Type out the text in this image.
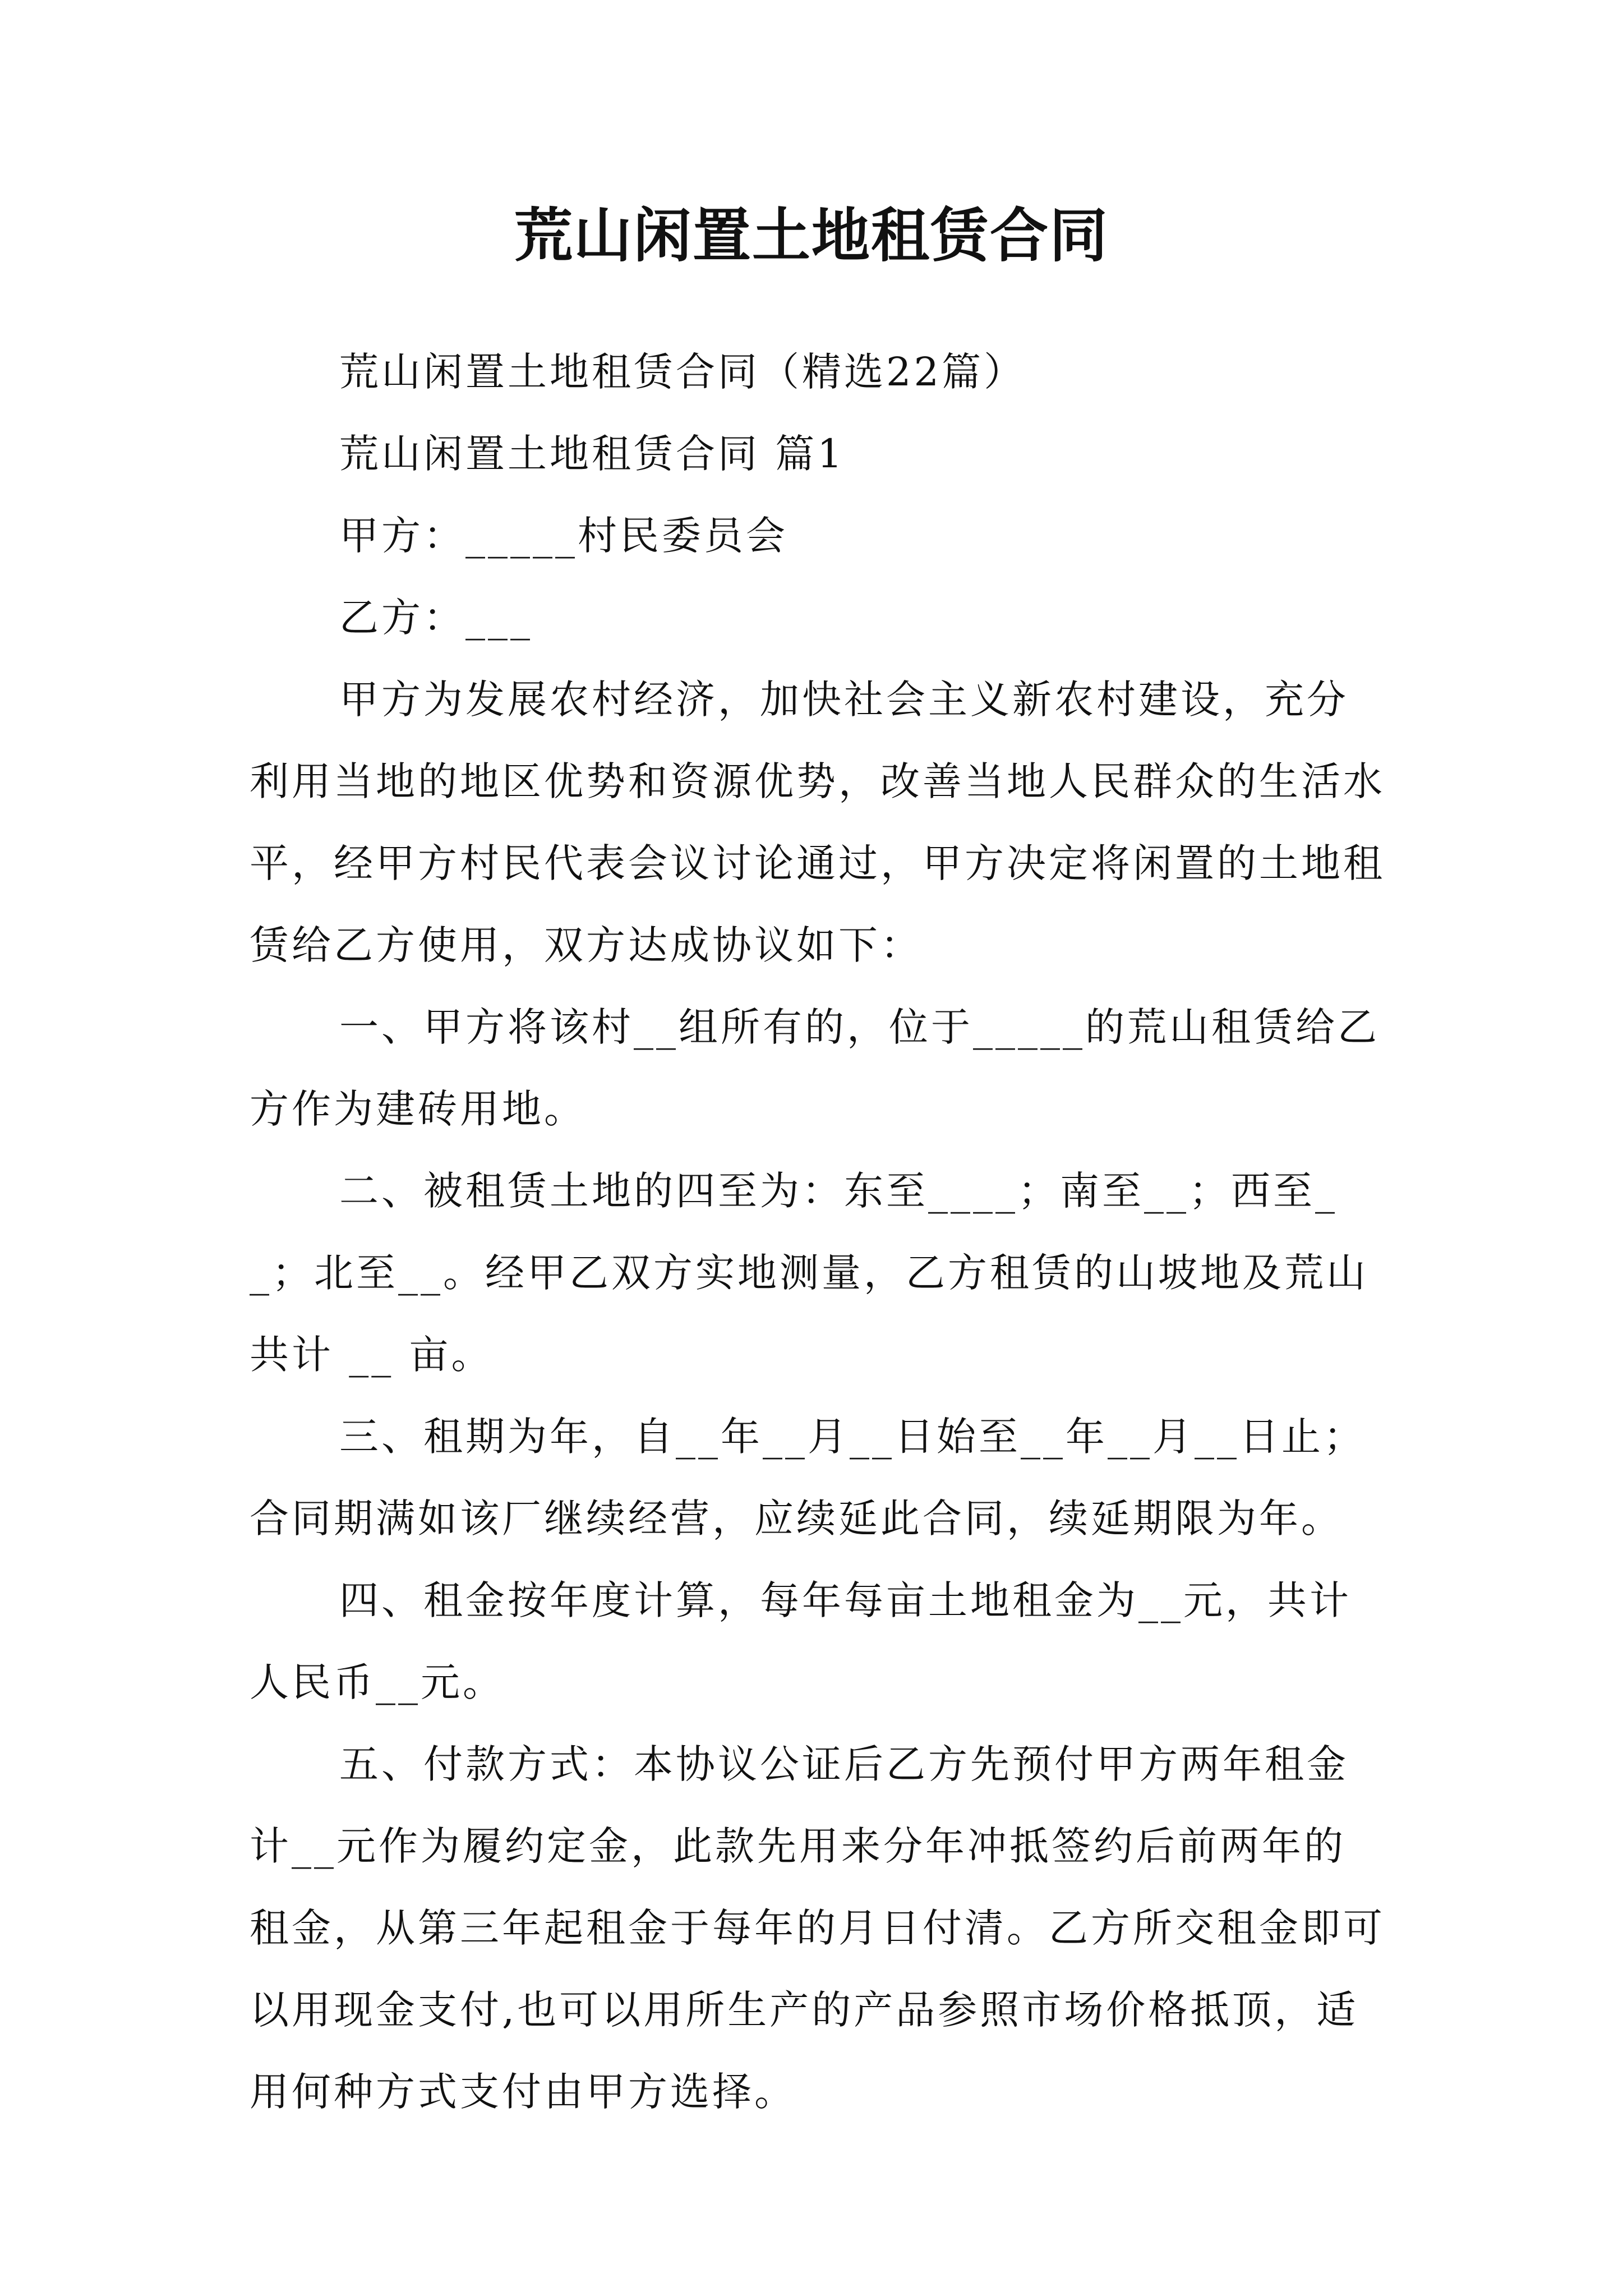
荒山闲置土地租赁合同

荒山闲置土地租赁合同（精选22篇）

荒山闲置土地租赁合同 篇1

甲方：_____村民委员会

乙方：___

甲方为发展农村经济，加快社会主义新农村建设，充分利用当地的地区优势和资源优势，改善当地人民群众的生活水平，经甲方村民代表会议讨论通过，甲方决定将闲置的土地租赁给乙方使用，双方达成协议如下：

一、甲方将该村__组所有的，位于_____的荒山租赁给乙方作为建砖用地。

二、被租赁土地的四至为：东至____；南至__；西至__；北至__。经甲乙双方实地测量，乙方租赁的山坡地及荒山共计 __ 亩。

三、租期为年，自__年__月__日始至__年__月__日止；合同期满如该厂继续经营，应续延此合同，续延期限为年。

四、租金按年度计算，每年每亩土地租金为__元，共计人民币__元。

五、付款方式：本协议公证后乙方先预付甲方两年租金计__元作为履约定金，此款先用来分年冲抵签约后前两年的租金，从第三年起租金于每年的月日付清。乙方所交租金即可以用现金支付,也可以用所生产的产品参照市场价格抵顶，适用何种方式支付由甲方选择。
